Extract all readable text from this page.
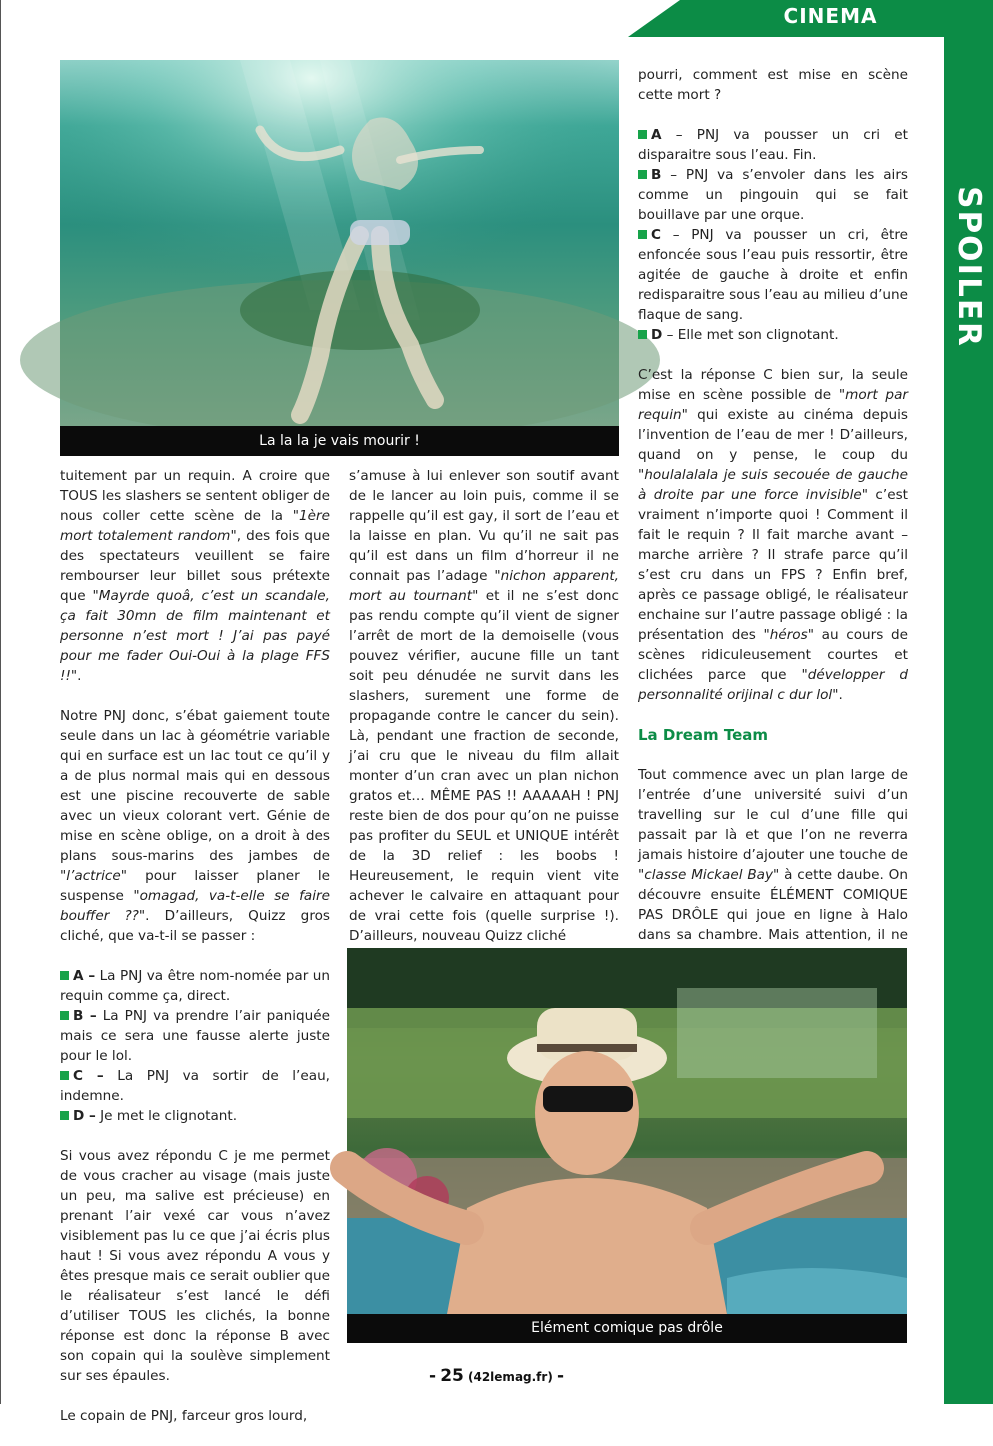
CINEMA
SPOILER
La la la je vais mourir !

tuitement par un requin. A croire que TOUS les slashers se sentent obliger de nous coller cette scène de la "1ère mort totalement random", des fois que des spectateurs veuillent se faire rembourser leur billet sous prétexte que "Mayrde quoâ, c’est un scandale, ça fait 30mn de film maintenant et personne n’est mort ! J’ai pas payé pour me fader Oui-Oui à la plage FFS !!".

Notre PNJ donc, s’ébat gaiement toute seule dans un lac à géométrie variable qui en surface est un lac tout ce qu’il y a de plus normal mais qui en dessous est une piscine recouverte de sable avec un vieux colorant vert. Génie de mise en scène oblige, on a droit à des plans sous-marins des jambes de "l’actrice" pour laisser planer le suspense "omagad, va-t-elle se faire bouffer ??". D’ailleurs, Quizz gros cliché, que va-t-il se passer :

A – La PNJ va être nom-nomée par un requin comme ça, direct.
B – La PNJ va prendre l’air paniquée mais ce sera une fausse alerte juste pour le lol.
C – La PNJ va sortir de l’eau, indemne.
D – Je met le clignotant.

Si vous avez répondu C je me permet de vous cracher au visage (mais juste un peu, ma salive est précieuse) en prenant l’air vexé car vous n’avez visiblement pas lu ce que j’ai écris plus haut ! Si vous avez répondu A vous y êtes presque mais ce serait oublier que le réalisateur s’est lancé le défi d’utiliser TOUS les clichés, la bonne réponse est donc la réponse B avec son copain qui la soulève simplement sur ses épaules.

Le copain de PNJ, farceur gros lourd,

s’amuse à lui enlever son soutif avant de le lancer au loin puis, comme il se rappelle qu’il est gay, il sort de l’eau et la laisse en plan. Vu qu’il ne sait pas qu’il est dans un film d’horreur il ne connait pas l’adage "nichon apparent, mort au tournant" et il ne s’est donc pas rendu compte qu’il vient de signer l’arrêt de mort de la demoiselle (vous pouvez vérifier, aucune fille un tant soit peu dénudée ne survit dans les slashers, surement une forme de propagande contre le cancer du sein). Là, pendant une fraction de seconde, j’ai cru que le niveau du film allait monter d’un cran avec un plan nichon gratos et… MÊME PAS !! AAAAAH ! PNJ reste bien de dos pour qu’on ne puisse pas profiter du SEUL et UNIQUE intérêt de la 3D relief : les boobs ! Heureusement, le requin vient vite achever le calvaire en attaquant pour de vrai cette fois (quelle surprise !). D’ailleurs, nouveau Quizz cliché

pourri, comment est mise en scène cette mort ?

A – PNJ va pousser un cri et disparaitre sous l’eau. Fin.
B – PNJ va s’envoler dans les airs comme un pingouin qui se fait bouillave par une orque.
C – PNJ va pousser un cri, être enfoncée sous l’eau puis ressortir, être agitée de gauche à droite et enfin redisparaitre sous l’eau au milieu d’une flaque de sang.
D – Elle met son clignotant.

C’est la réponse C bien sur, la seule mise en scène possible de "mort par requin" qui existe au cinéma depuis l’invention de l’eau de mer ! D’ailleurs, quand on y pense, le coup du "houlalalala je suis secouée de gauche à droite par une force invisible" c’est vraiment n’importe quoi ! Comment il fait le requin ? Il fait marche avant – marche arrière ? Il strafe parce qu’il s’est cru dans un FPS ? Enfin bref, après ce passage obligé, le réalisateur enchaine sur l’autre passage obligé : la présentation des "héros" au cours de scènes ridiculeusement courtes et clichées parce que "développer d personnalité orijinal c dur lol".

La Dream Team

Tout commence avec un plan large de l’entrée d’une université suivi d’un travelling sur le cul d’une fille qui passait par là et que l’on ne reverra jamais histoire d’ajouter une touche de "classe Mickael Bay" à cette daube. On découvre ensuite ÉLÉMENT COMIQUE PAS DRÔLE qui joue en ligne à Halo dans sa chambre. Mais attention, il ne

Elément comique pas drôle
- 25 (42lemag.fr) -
